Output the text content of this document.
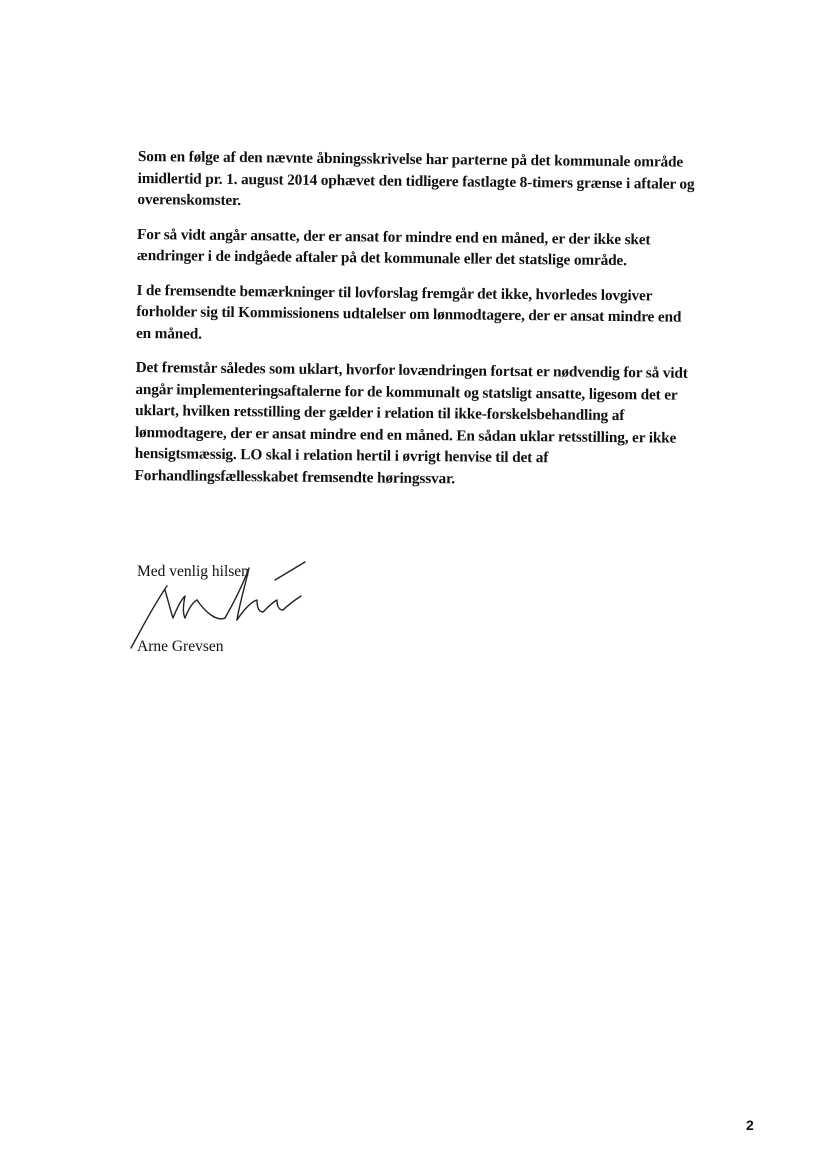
Som en følge af den nævnte åbningsskrivelse har parterne på det kommunale område imidlertid pr. 1. august 2014 ophævet den tidligere fastlagte 8-timers grænse i aftaler og overenskomster.

For så vidt angår ansatte, der er ansat for mindre end en måned, er der ikke sket ændringer i de indgåede aftaler på det kommunale eller det statslige område.

I de fremsendte bemærkninger til lovforslag fremgår det ikke, hvorledes lovgiver forholder sig til Kommissionens udtalelser om lønmodtagere, der er ansat mindre end en måned.

Det fremstår således som uklart, hvorfor lovændringen fortsat er nødvendig for så vidt angår implementeringsaftalerne for de kommunalt og statsligt ansatte, ligesom det er uklart, hvilken retsstilling der gælder i relation til ikke-forskelsbehandling af lønmodtagere, der er ansat mindre end en måned. En sådan uklar retsstilling, er ikke hensigtsmæssig. LO skal i relation hertil i øvrigt henvise til det af Forhandlingsfællesskabet fremsendte høringssvar.

Med venlig hilsen
Arne Grevsen
2
